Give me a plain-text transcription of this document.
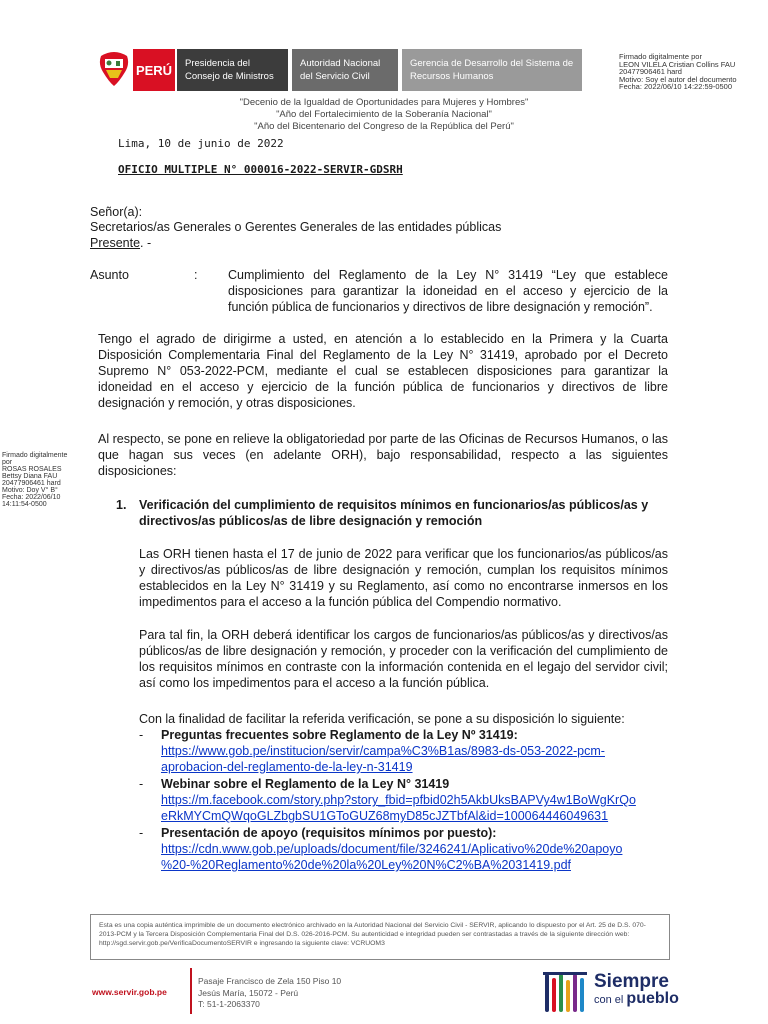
PERÚ	Presidencia del
Consejo de Ministros
Autoridad Nacional
del Servicio Civil
Gerencia de Desarrollo del Sistema de
Recursos Humanos
Firmado digitalmente por
LEON VILELA Cristian Collins FAU
20477906461 hard
Motivo: Soy el autor del documento
Fecha: 2022/06/10 14:22:59-0500
Firmado digitalmente
por
ROSAS ROSALES
Bettsy Diana FAU
20477906461 hard
Motivo: Doy V° B°
Fecha: 2022/06/10
14:11:54-0500
"Decenio de la Igualdad de Oportunidades para Mujeres y Hombres"
"Año del Fortalecimiento de la Soberanía Nacional"
"Año del Bicentenario del Congreso de la República del Perú"
Lima, 10 de junio de 2022
OFICIO MULTIPLE N° 000016-2022-SERVIR-GDSRH
Señor(a):
Secretarios/as Generales o Gerentes Generales de las entidades públicas
Presente. -
Asunto	: Cumplimiento del Reglamento de la Ley N° 31419 “Ley que establece disposiciones para garantizar la idoneidad en el acceso y ejercicio de la función pública de funcionarios y directivos de libre designación y remoción”.
Tengo el agrado de dirigirme a usted, en atención a lo establecido en la Primera y la Cuarta Disposición Complementaria Final del Reglamento de la Ley N° 31419, aprobado por el Decreto Supremo N° 053-2022-PCM, mediante el cual se establecen disposiciones para garantizar la idoneidad en el acceso y ejercicio de la función pública de funcionarios y directivos de libre designación y remoción, y otras disposiciones.
Al respecto, se pone en relieve la obligatoriedad por parte de las Oficinas de Recursos Humanos, o las que hagan sus veces (en adelante ORH), bajo responsabilidad, respecto a las siguientes disposiciones:
1. Verificación del cumplimiento de requisitos mínimos en funcionarios/as públicos/as y directivos/as públicos/as de libre designación y remoción
Las ORH tienen hasta el 17 de junio de 2022 para verificar que los funcionarios/as públicos/as y directivos/as públicos/as de libre designación y remoción, cumplan los requisitos mínimos establecidos en la Ley N° 31419 y su Reglamento, así como no encontrarse inmersos en los impedimentos para el acceso a la función pública del Compendio normativo.
Para tal fin, la ORH deberá identificar los cargos de funcionarios/as públicos/as y directivos/as públicos/as de libre designación y remoción, y proceder con la verificación del cumplimiento de los requisitos mínimos en contraste con la información contenida en el legajo del servidor civil; así como los impedimentos para el acceso a la función pública.
Con la finalidad de facilitar la referida verificación, se pone a su disposición lo siguiente:
- Preguntas frecuentes sobre Reglamento de la Ley Nº 31419:
https://www.gob.pe/institucion/servir/campa%C3%B1as/8983-ds-053-2022-pcm-
aprobacion-del-reglamento-de-la-ley-n-31419
- Webinar sobre el Reglamento de la Ley N° 31419
https://m.facebook.com/story.php?story_fbid=pfbid02h5AkbUksBAPVy4w1BoWgKrQo
eRkMYCmQWqoGLZbgbSU1GToGUZ68myD85cJZTbfAl&id=100064446049631
- Presentación de apoyo (requisitos mínimos por puesto):
https://cdn.www.gob.pe/uploads/document/file/3246241/Aplicativo%20de%20apoyo
%20-%20Reglamento%20de%20la%20Ley%20N%C2%BA%2031419.pdf
Esta es una copia auténtica imprimible de un documento electrónico archivado en la Autoridad Nacional del Servicio Civil - SERVIR, aplicando lo dispuesto por el Art. 25 de D.S. 070-2013-PCM y la Tercera Disposición Complementaria Final del D.S. 026-2016-PCM. Su autenticidad e integridad pueden ser contrastadas a través de la siguiente dirección web: http://sgd.servir.gob.pe/VerificaDocumentoSERVIR e ingresando la siguiente clave: VCRUOM3
www.servir.gob.pe
Pasaje Francisco de Zela 150 Piso 10
Jesús María, 15072 - Perú
T: 51-1-2063370
Siempre
con el pueblo
